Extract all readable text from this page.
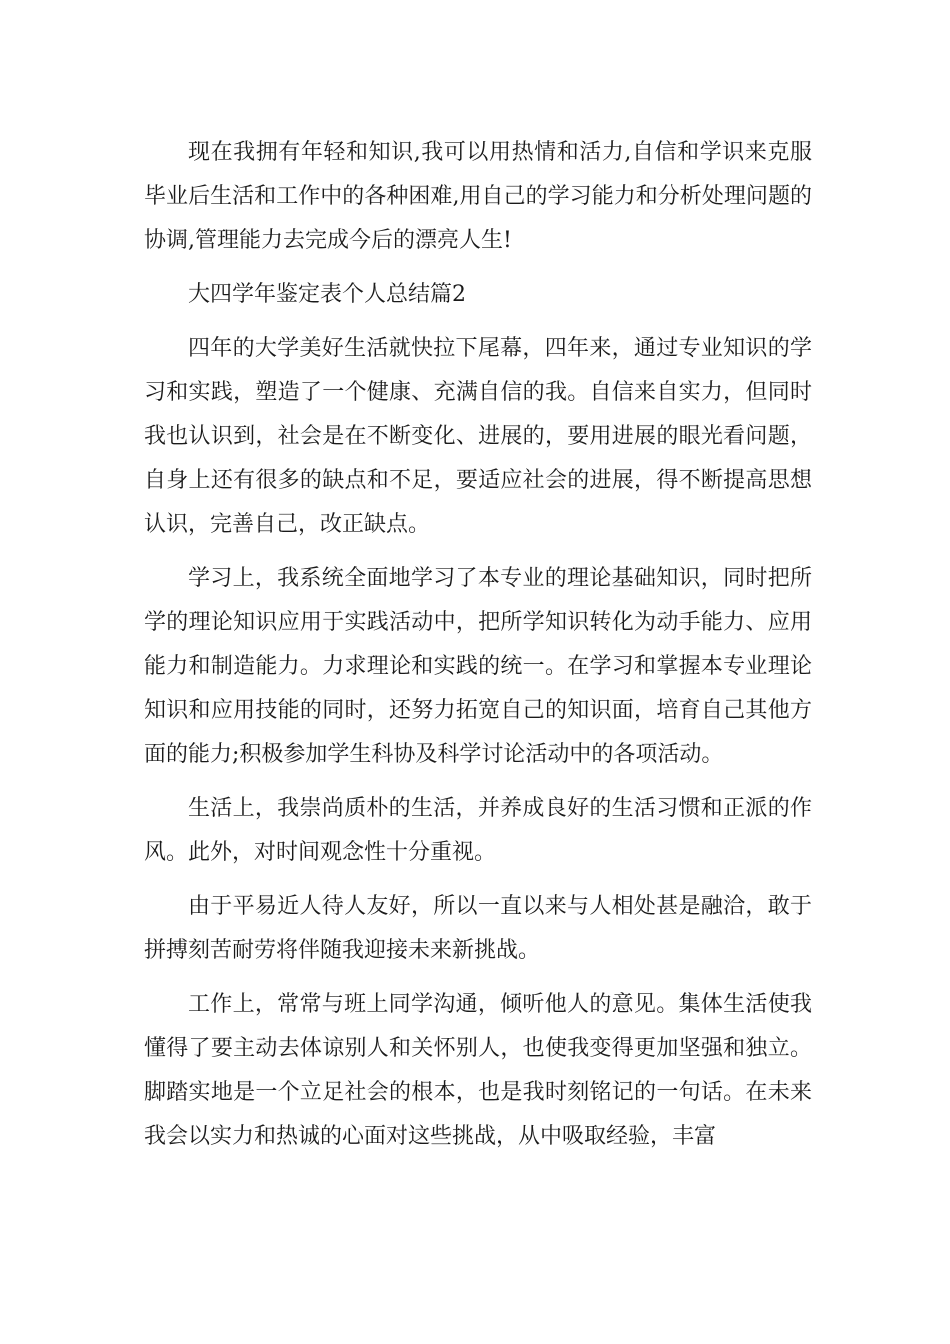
现在我拥有年轻和知识,我可以用热情和活力,自信和学识来克服毕业后生活和工作中的各种困难,用自己的学习能力和分析处理问题的协调,管理能力去完成今后的漂亮人生!

大四学年鉴定表个人总结篇2

四年的大学美好生活就快拉下尾幕，四年来，通过专业知识的学习和实践，塑造了一个健康、充满自信的我。自信来自实力，但同时我也认识到，社会是在不断变化、进展的，要用进展的眼光看问题，自身上还有很多的缺点和不足，要适应社会的进展，得不断提高思想认识，完善自己，改正缺点。

学习上，我系统全面地学习了本专业的理论基础知识，同时把所学的理论知识应用于实践活动中，把所学知识转化为动手能力、应用能力和制造能力。力求理论和实践的统一。在学习和掌握本专业理论知识和应用技能的同时，还努力拓宽自己的知识面，培育自己其他方面的能力;积极参加学生科协及科学讨论活动中的各项活动。

生活上，我崇尚质朴的生活，并养成良好的生活习惯和正派的作风。此外，对时间观念性十分重视。

由于平易近人待人友好，所以一直以来与人相处甚是融洽，敢于拼搏刻苦耐劳将伴随我迎接未来新挑战。

工作上，常常与班上同学沟通，倾听他人的意见。集体生活使我懂得了要主动去体谅别人和关怀别人，也使我变得更加坚强和独立。脚踏实地是一个立足社会的根本，也是我时刻铭记的一句话。在未来我会以实力和热诚的心面对这些挑战，从中吸取经验，丰富
